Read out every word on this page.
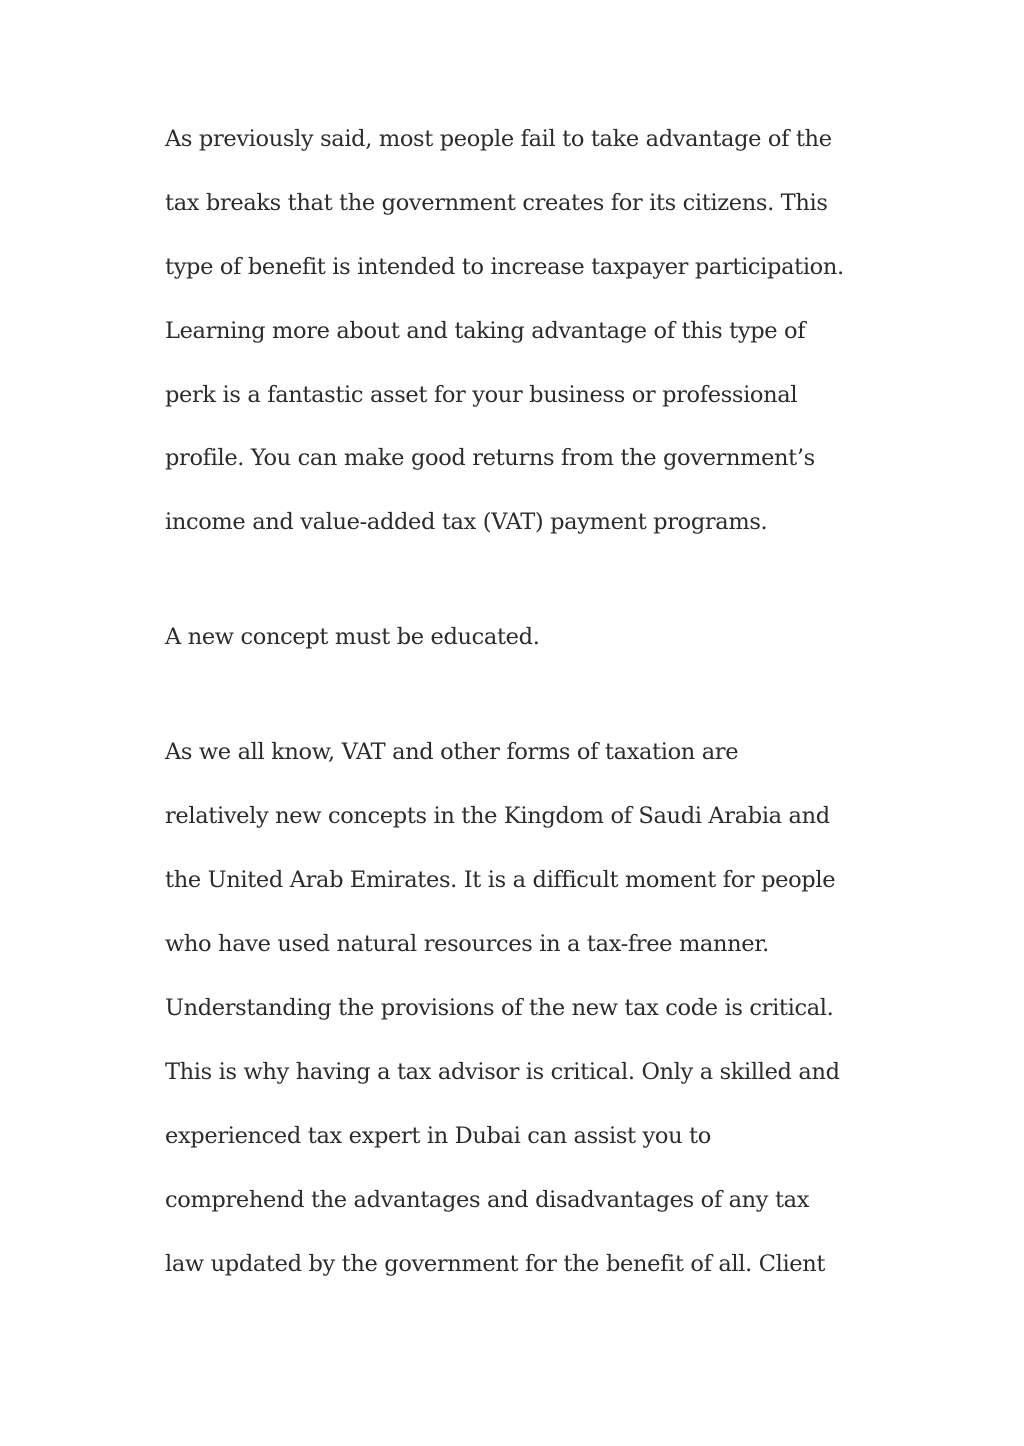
As previously said, most people fail to take advantage of the

tax breaks that the government creates for its citizens. This

type of benefit is intended to increase taxpayer participation.

Learning more about and taking advantage of this type of

perk is a fantastic asset for your business or professional

profile. You can make good returns from the government’s

income and value-added tax (VAT) payment programs.

A new concept must be educated.

As we all know, VAT and other forms of taxation are

relatively new concepts in the Kingdom of Saudi Arabia and

the United Arab Emirates. It is a difficult moment for people

who have used natural resources in a tax-free manner.

Understanding the provisions of the new tax code is critical.

This is why having a tax advisor is critical. Only a skilled and

experienced tax expert in Dubai can assist you to

comprehend the advantages and disadvantages of any tax

law updated by the government for the benefit of all. Client
